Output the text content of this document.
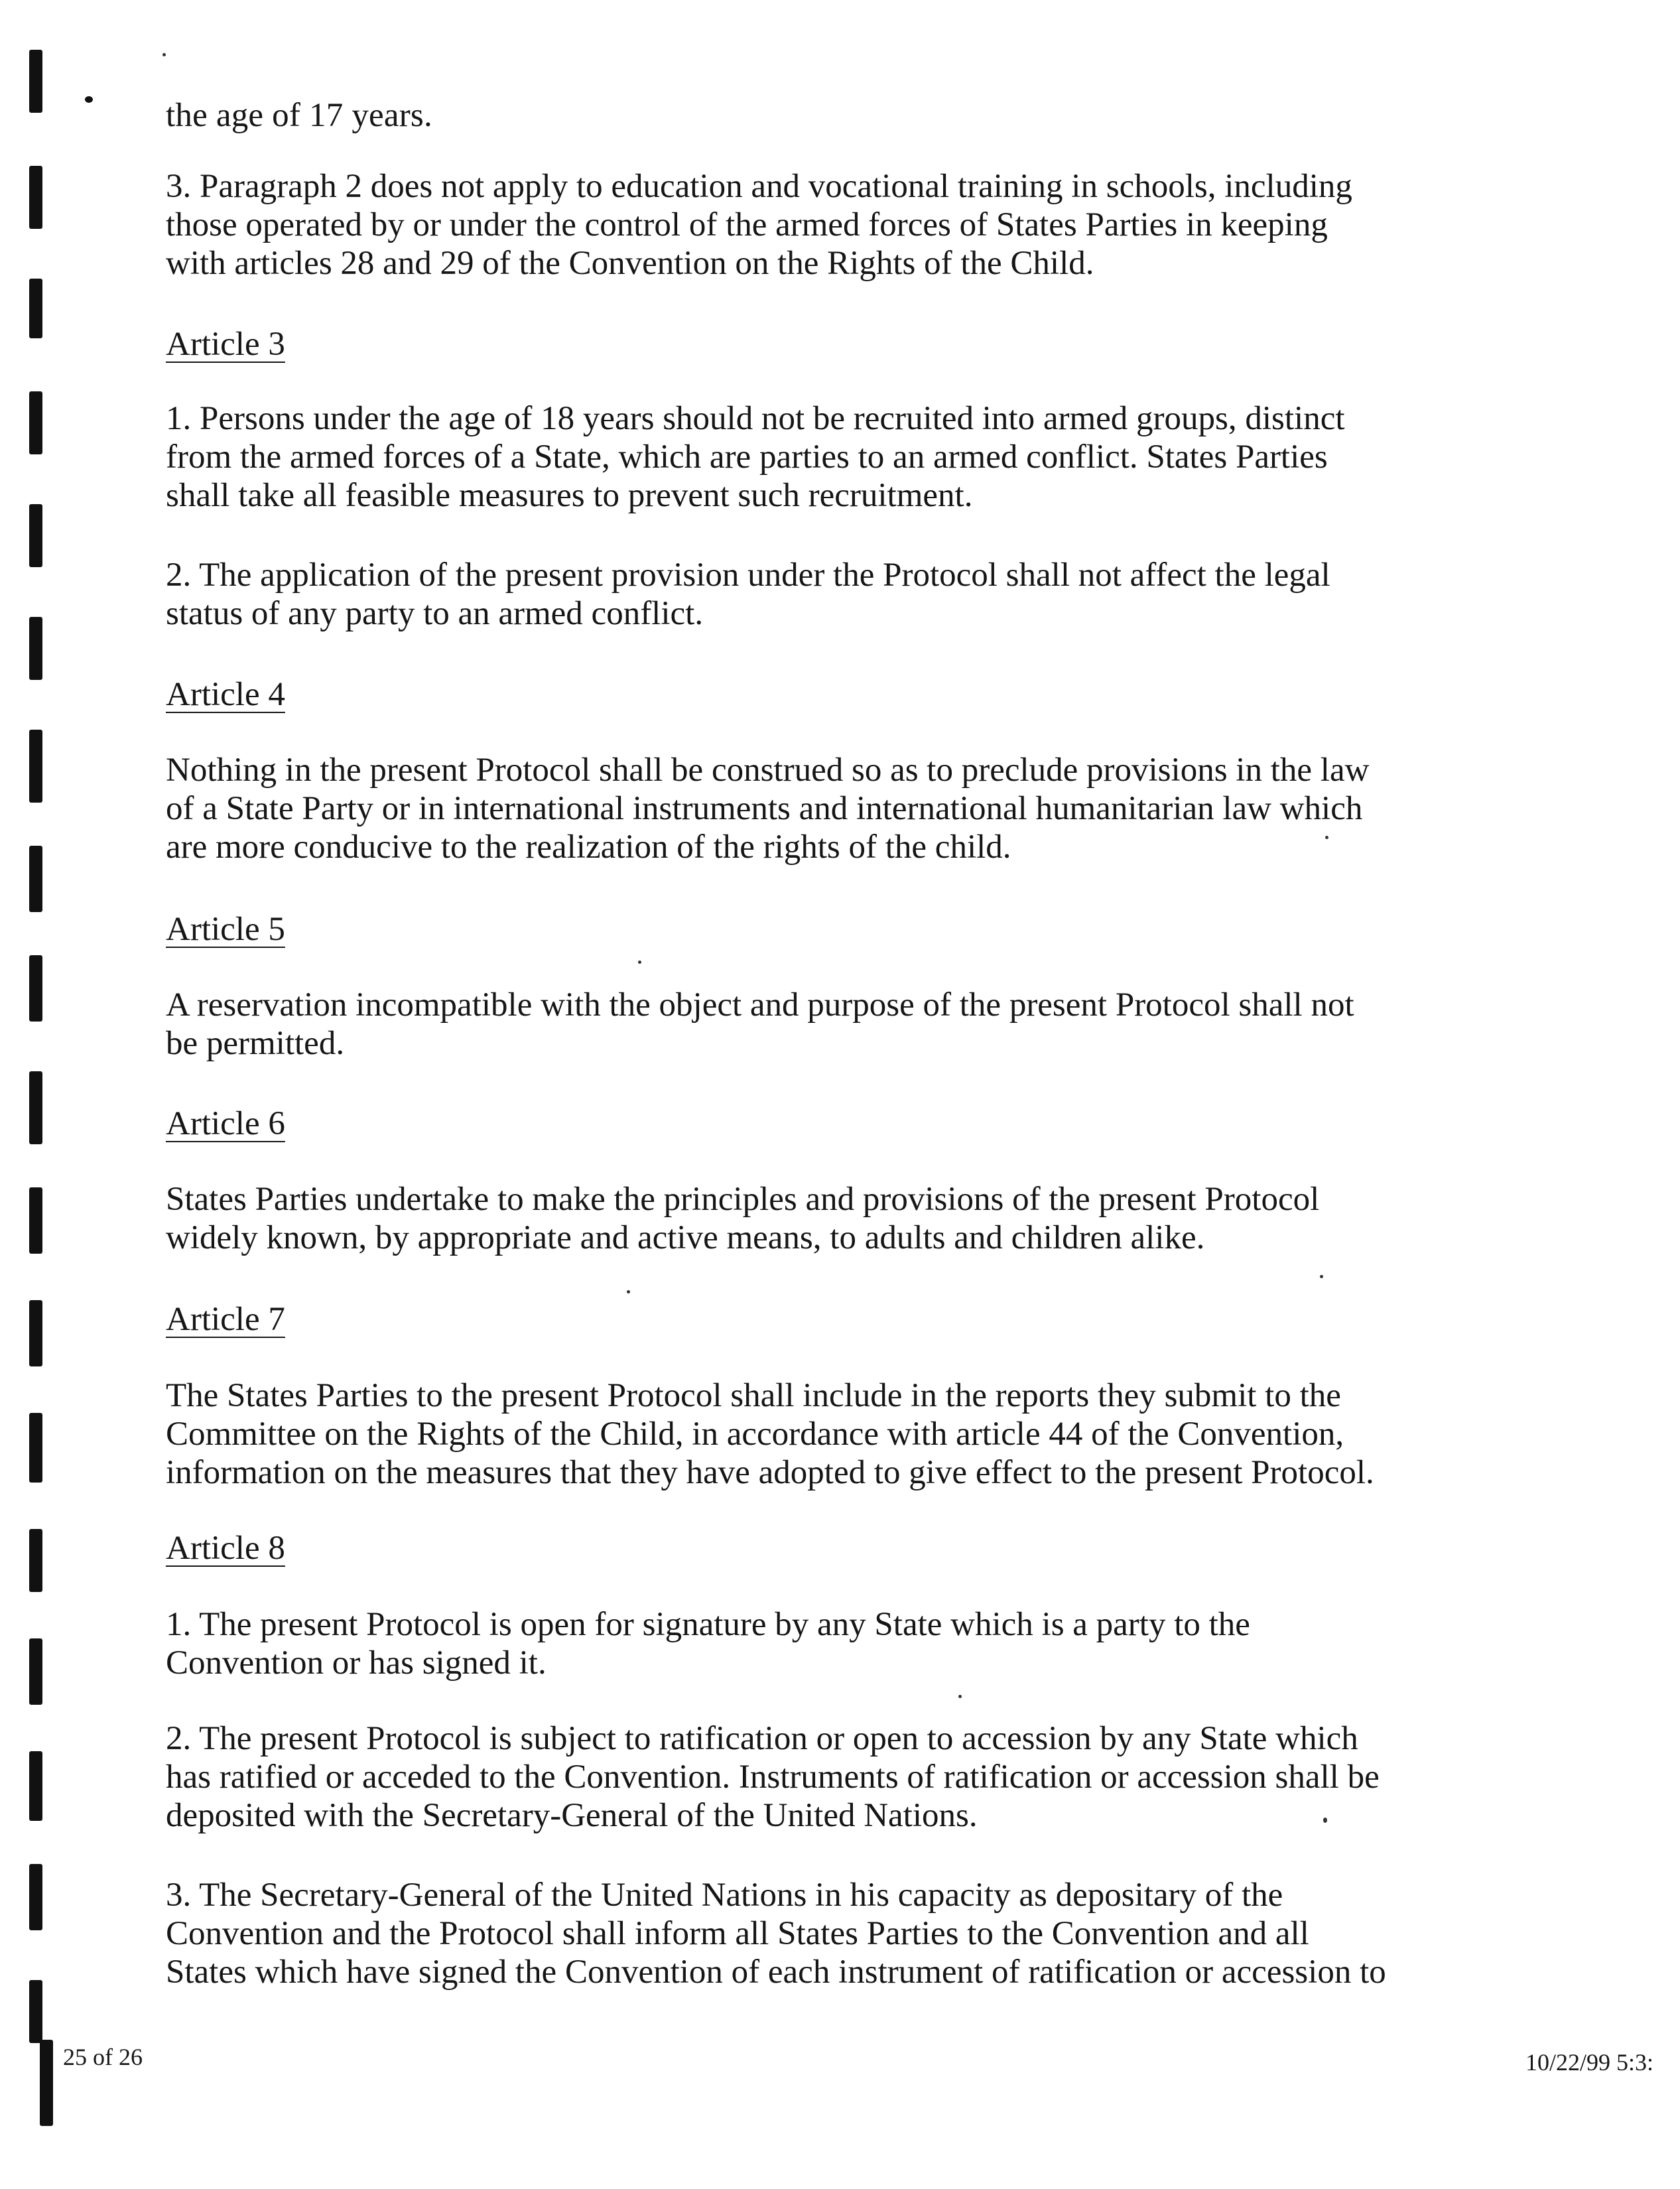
the age of 17 years.
3. Paragraph 2 does not apply to education and vocational training in schools, including
those operated by or under the control of the armed forces of States Parties in keeping
with articles 28 and 29 of the Convention on the Rights of the Child.
Article 3
1. Persons under the age of 18 years should not be recruited into armed groups, distinct
from the armed forces of a State, which are parties to an armed conflict. States Parties
shall take all feasible measures to prevent such recruitment.
2. The application of the present provision under the Protocol shall not affect the legal
status of any party to an armed conflict.
Article 4
Nothing in the present Protocol shall be construed so as to preclude provisions in the law
of a State Party or in international instruments and international humanitarian law which
are more conducive to the realization of the rights of the child.
Article 5
A reservation incompatible with the object and purpose of the present Protocol shall not
be permitted.
Article 6
States Parties undertake to make the principles and provisions of the present Protocol
widely known, by appropriate and active means, to adults and children alike.
Article 7
The States Parties to the present Protocol shall include in the reports they submit to the
Committee on the Rights of the Child, in accordance with article 44 of the Convention,
information on the measures that they have adopted to give effect to the present Protocol.
Article 8
1. The present Protocol is open for signature by any State which is a party to the
Convention or has signed it.
2. The present Protocol is subject to ratification or open to accession by any State which
has ratified or acceded to the Convention. Instruments of ratification or accession shall be
deposited with the Secretary-General of the United Nations.
3. The Secretary-General of the United Nations in his capacity as depositary of the
Convention and the Protocol shall inform all States Parties to the Convention and all
States which have signed the Convention of each instrument of ratification or accession to
25 of 26	10/22/99 5:3:
